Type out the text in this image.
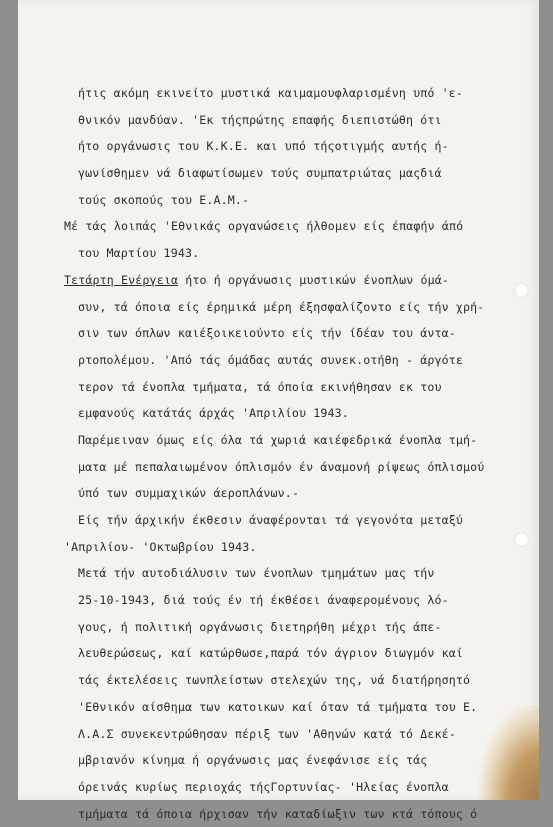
ήτις ακόμη εκινείτο μυστικά καιμαμουφλαρισμένη υπό 'ε-
θνικόν μανδύαν. 'Εκ τήςπρώτης επαφής διεπιστώθη ότι
ήτο οργάνωσις του Κ.Κ.Ε. και υπό τήςοτιγμής αυτής ή-
γωνίσθημεν νά διαφωτίσωμεν τούς συμπατριώτας μαςδιά
τούς σκοπούς του Ε.Α.Μ.-
Μέ τάς λοιπάς 'Εθνικάς οργανώσεις ήλθομεν είς έπαφήν άπό
του Μαρτίου 1943.
Τετάρτη Ενέργεια ήτο ή οργάνωσις μυστικών ένοπλων όμά-
συν, τά όποια είς έρημικά μέρη έξησφαλίζοντο είς τήν χρή-
σιν των όπλων καιέξοικειούντο είς τήν ίδέαν του άντα-
ρτοπολέμου. 'Από τάς όμάδας αυτάς συνεκ.οτήθη - άργότε
τερον τά ένοπλα τμήματα, τά όποία εκινήθησαν εκ του
εμφανούς κατάτάς άρχάς 'Απριλίου 1943.
Παρέμειναν όμως είς όλα τά χωριά καιέφεδρικά ένοπλα τμή-
ματα μέ πεπαλαιωμένον όπλισμόν έν άναμονή ρίψεως όπλισμού
ύπό των συμμαχικών άεροπλάνων.-
Είς τήν άρχικήν έκθεσιν άναφέρονται τά γεγονότα μεταξύ
'Απριλίου- 'Οκτωβρίου 1943.
Μετά τήν αυτοδιάλυσιν των ένοπλων τμημάτων μας τήν
25-10-1943, διά τούς έν τή έκθέσει άναφερομένους λό-
γους, ή πολιτική οργάνωσις διετηρήθη μέχρι τής άπε-
λευθερώσεως, καί κατώρθωσε,παρά τόν άγριον διωγμόν καί
τάς έκτελέσεις τωνπλείστων στελεχών της, νά διατήρησητό
'Εθνικόν αίσθημα των κατοικων καί όταν τά τμήματα του Ε.
Λ.Α.Σ συνεκεντρώθησαν πέριξ των 'Αθηνών κατά τό Δεκέ-
μβριανόν κίνημα ή οργάνωσις μας ένεφάνισε είς τάς
όρεινάς κυρίως περιοχάς τήςΓορτυνίας- 'Ηλείας ένοπλα
τμήματα τά όποια ήρχισαν τήν καταδίωξιν των κτά τόπους ό
